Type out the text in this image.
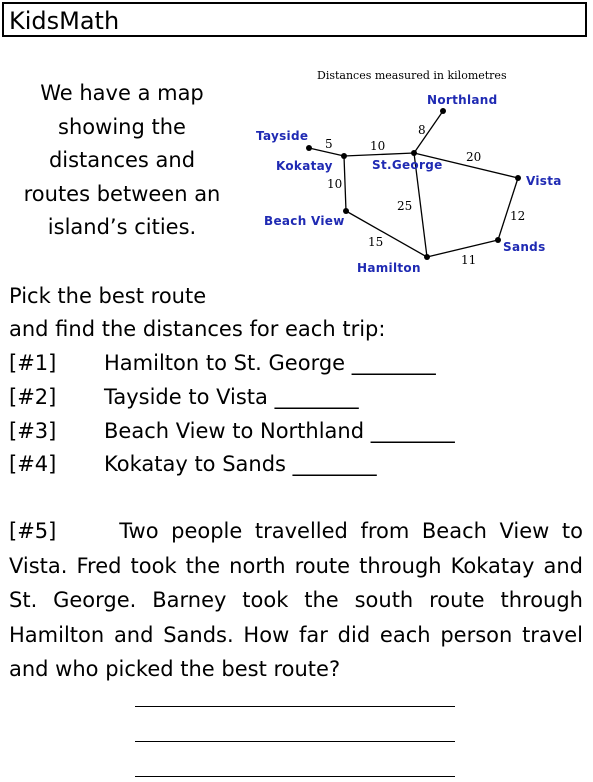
KidsMath
We have a map
showing the
distances and
routes between an
island’s cities.
Distances measured in kilometres
Northland
Tayside
Kokatay	St.George
Vista
Beach View
Sands
Hamilton
5	10
8
20
10
15
25
12
11
Pick the best route
and find the distances for each trip:
[#1] Hamilton to St. George ________
[#2] Tayside to Vista ________
[#3] Beach View to Northland ________
[#4] Kokatay to Sands ________
[#5]	Two people travelled from Beach View to Vista. Fred took the north route through Kokatay and St. George. Barney took the south route through Hamilton and Sands. How far did each person travel and who picked the best route?
